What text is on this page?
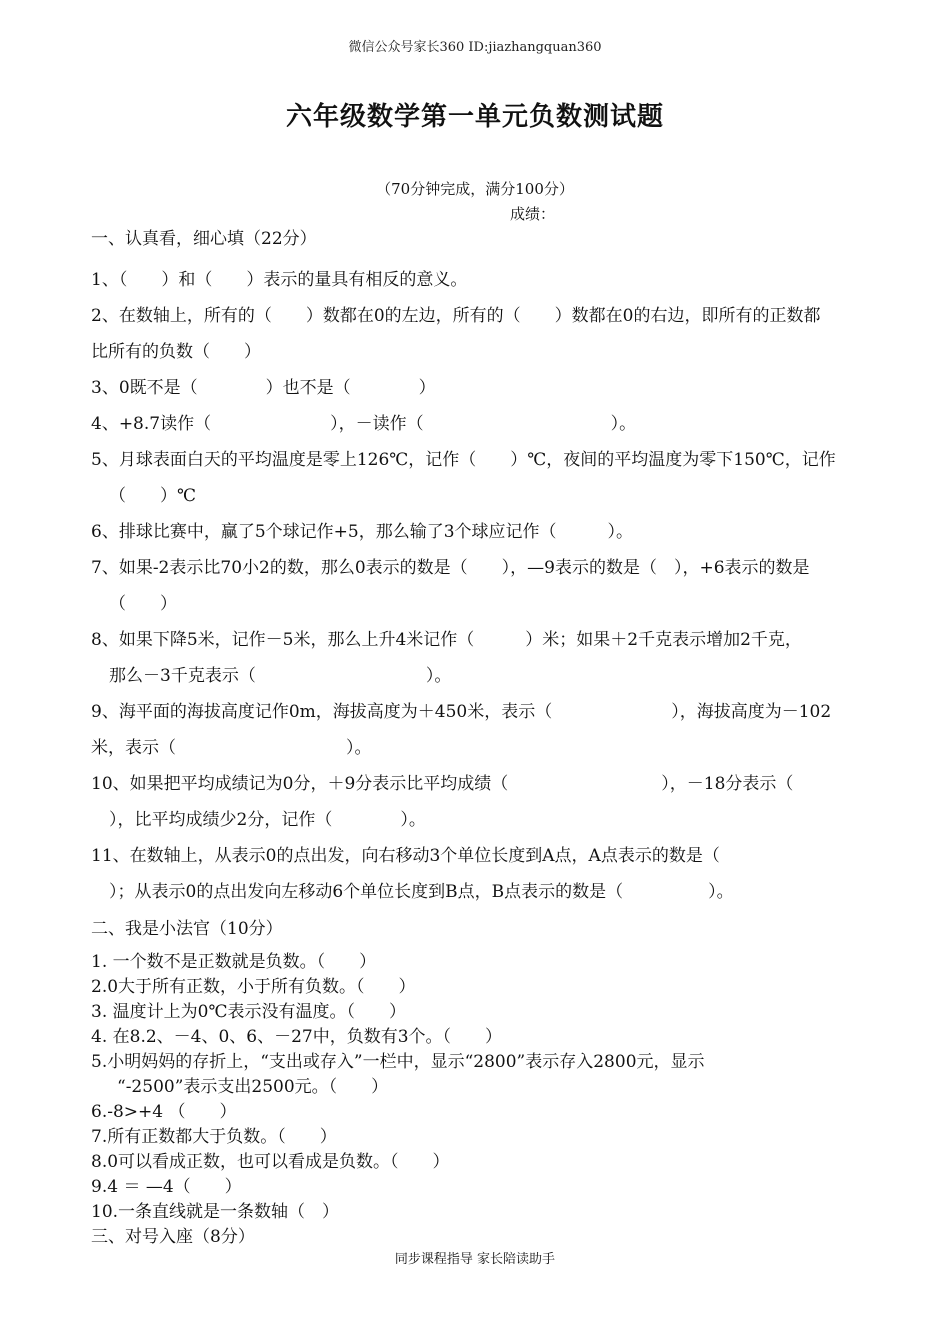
微信公众号家长360 ID:jiazhangquan360
六年级数学第一单元负数测试题
（70分钟完成，满分100分）
成绩：
一、认真看，细心填（22分）
1、（　　）和（　　）表示的量具有相反的意义。
2、在数轴上，所有的（　　）数都在0的左边，所有的（　　）数都在0的右边，即所有的正数都
比所有的负数（　　）
3、0既不是（　　　　）也不是（　　　　）
4、+8.7读作（　　　　　　　），－读作（　　　　　　　　　　　）。
5、月球表面白天的平均温度是零上126℃，记作（　　）℃，夜间的平均温度为零下150℃，记作
（　　）℃
6、排球比赛中，赢了5个球记作+5，那么输了3个球应记作（　　　）。
7、如果-2表示比70小2的数，那么0表示的数是（　　），—9表示的数是（　），+6表示的数是
（　　）
8、如果下降5米，记作－5米，那么上升4米记作（　　　）米；如果＋2千克表示增加2千克，
那么－3千克表示（　　　　　　　　　　）。
9、海平面的海拔高度记作0m，海拔高度为＋450米，表示（　　　　　　　），海拔高度为－102
米，表示（　　　　　　　　　　）。
10、如果把平均成绩记为0分，＋9分表示比平均成绩（　　　　　　　　　），－18分表示（
），比平均成绩少2分，记作（　　　　）。
11、在数轴上，从表示0的点出发，向右移动3个单位长度到A点，A点表示的数是（
）；从表示0的点出发向左移动6个单位长度到B点，B点表示的数是（　　　　　）。
二、我是小法官（10分）
1. 一个数不是正数就是负数。（　　）
2.0大于所有正数，小于所有负数。（　　）
3. 温度计上为0℃表示没有温度。（　　）
4. 在8.2、－4、0、6、－27中，负数有3个。（　　）
5.小明妈妈的存折上，“支出或存入”一栏中，显示“2800”表示存入2800元，显示
“-2500”表示支出2500元。（　　）
6.-8>+4 （　　）
7.所有正数都大于负数。（　　）
8.0可以看成正数，也可以看成是负数。（　　）
9.4 ＝ —4（　　）
10.一条直线就是一条数轴（　）
三、对号入座（8分）
同步课程指导 家长陪读助手
